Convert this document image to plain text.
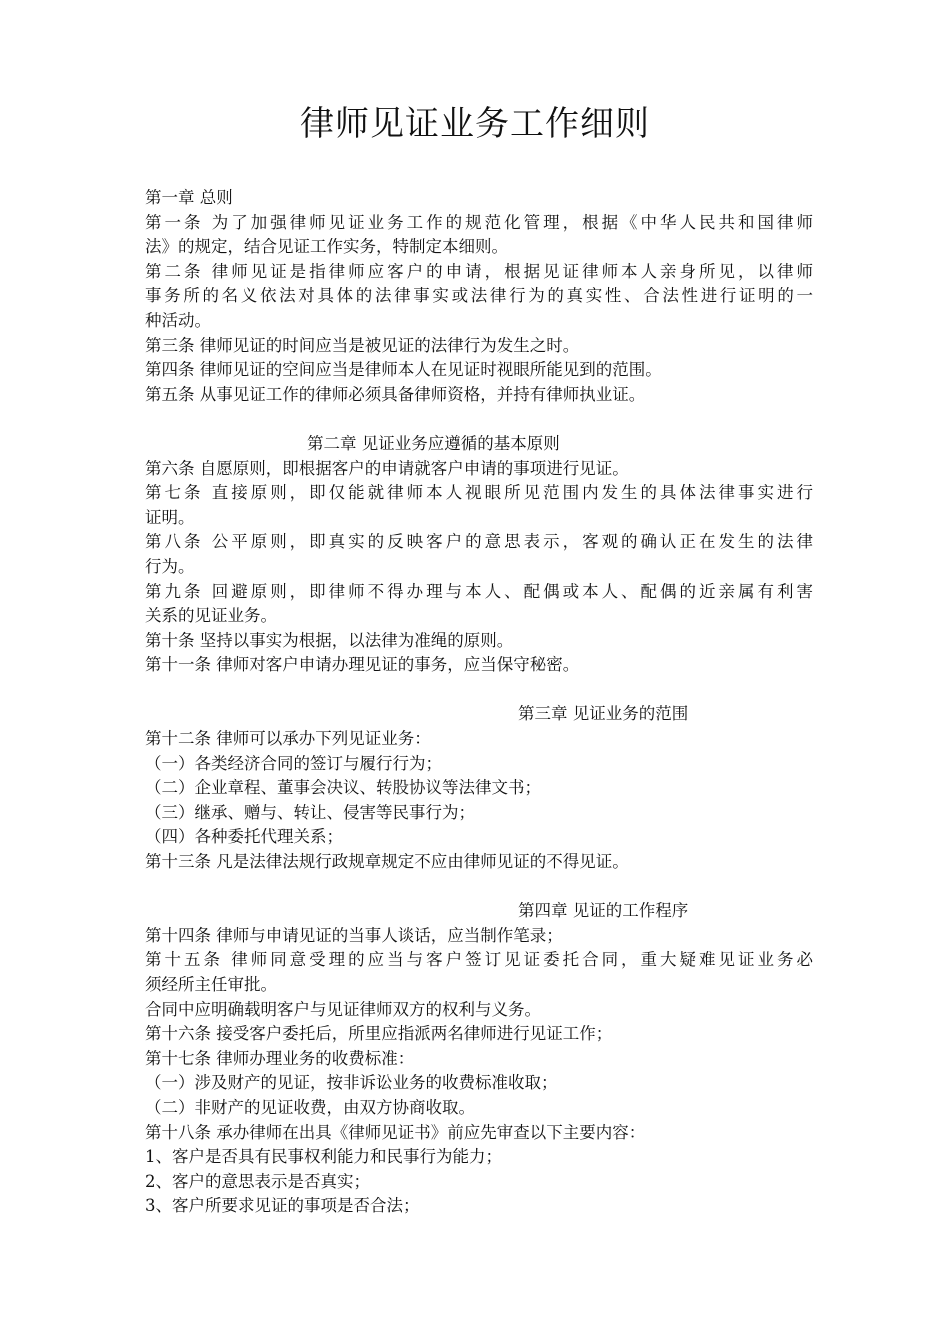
律师见证业务工作细则
第一章 总则
第一条 为了加强律师见证业务工作的规范化管理，根据《中华人民共和国律师
法》的规定，结合见证工作实务，特制定本细则。
第二条 律师见证是指律师应客户的申请，根据见证律师本人亲身所见，以律师
事务所的名义依法对具体的法律事实或法律行为的真实性、合法性进行证明的一
种活动。
第三条 律师见证的时间应当是被见证的法律行为发生之时。
第四条 律师见证的空间应当是律师本人在见证时视眼所能见到的范围。
第五条 从事见证工作的律师必须具备律师资格，并持有律师执业证。
第二章 见证业务应遵循的基本原则
第六条 自愿原则，即根据客户的申请就客户申请的事项进行见证。
第七条 直接原则，即仅能就律师本人视眼所见范围内发生的具体法律事实进行
证明。
第八条 公平原则，即真实的反映客户的意思表示，客观的确认正在发生的法律
行为。
第九条 回避原则，即律师不得办理与本人、配偶或本人、配偶的近亲属有利害
关系的见证业务。
第十条 坚持以事实为根据，以法律为准绳的原则。
第十一条 律师对客户申请办理见证的事务，应当保守秘密。
第三章 见证业务的范围
第十二条 律师可以承办下列见证业务：
（一）各类经济合同的签订与履行行为；
（二）企业章程、董事会决议、转股协议等法律文书；
（三）继承、赠与、转让、侵害等民事行为；
（四）各种委托代理关系；
第十三条 凡是法律法规行政规章规定不应由律师见证的不得见证。
第四章 见证的工作程序
第十四条 律师与申请见证的当事人谈话，应当制作笔录；
第十五条 律师同意受理的应当与客户签订见证委托合同，重大疑难见证业务必
须经所主任审批。
合同中应明确载明客户与见证律师双方的权利与义务。
第十六条 接受客户委托后，所里应指派两名律师进行见证工作；
第十七条 律师办理业务的收费标准：
（一）涉及财产的见证，按非诉讼业务的收费标准收取；
（二）非财产的见证收费，由双方协商收取。
第十八条 承办律师在出具《律师见证书》前应先审查以下主要内容：
1、客户是否具有民事权利能力和民事行为能力；
2、客户的意思表示是否真实；
3、客户所要求见证的事项是否合法；
